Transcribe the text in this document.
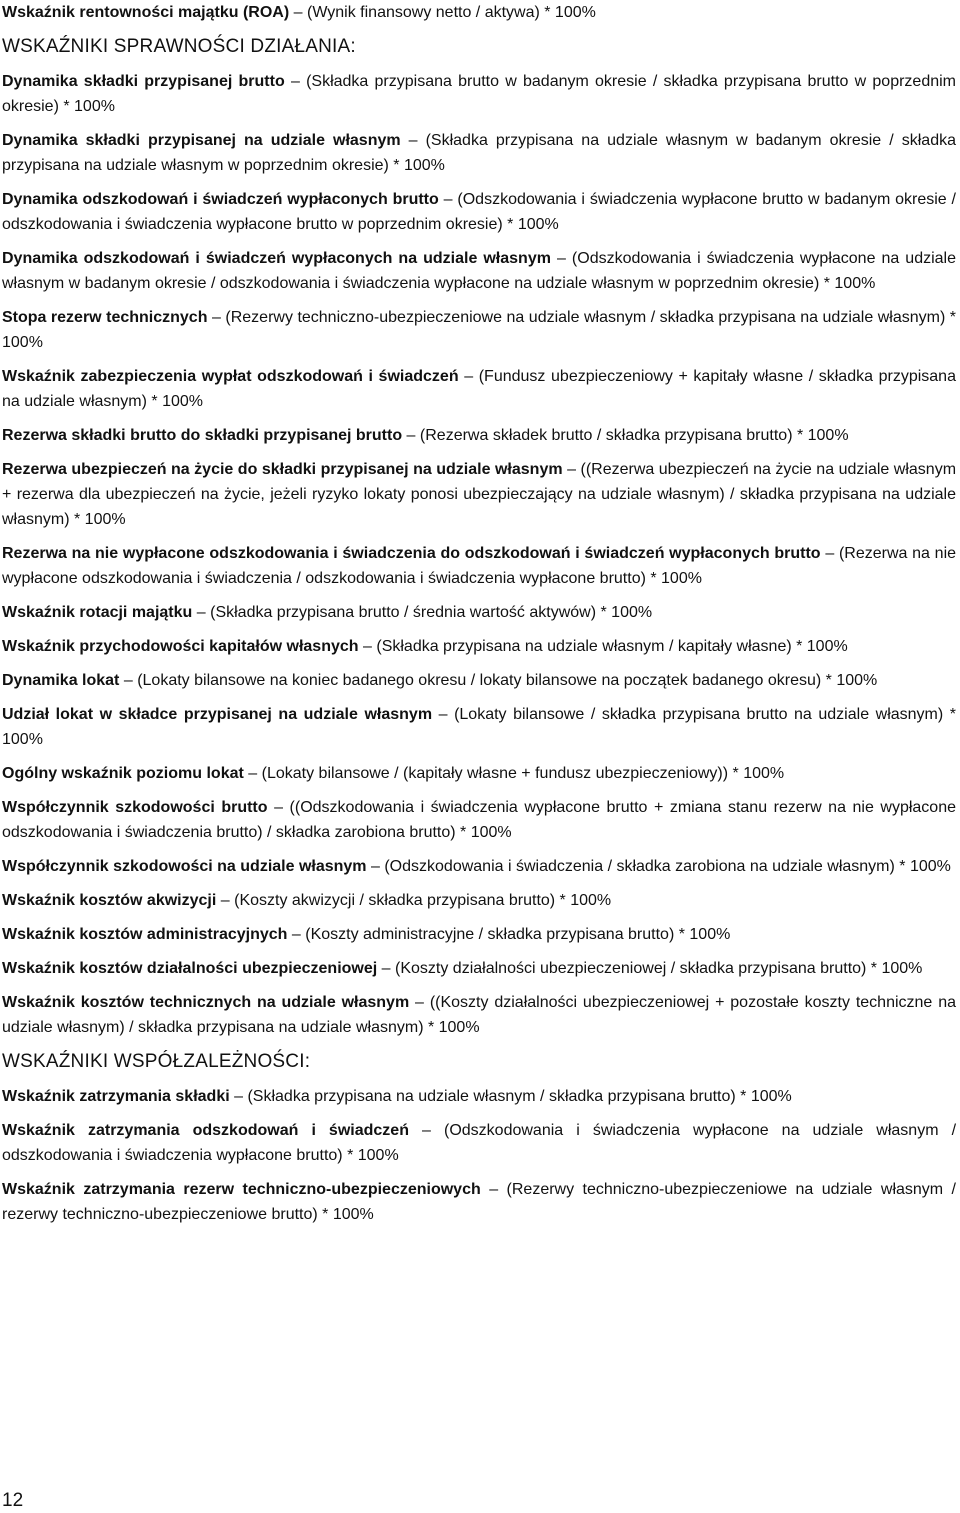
Wskaźnik rentowności majątku (ROA) – (Wynik finansowy netto / aktywa) * 100%

WSKAŹNIKI SPRAWNOŚCI DZIAŁANIA:

Dynamika składki przypisanej brutto – (Składka przypisana brutto w badanym okresie / składka przypisana brutto w poprzednim okresie) * 100%

Dynamika składki przypisanej na udziale własnym – (Składka przypisana na udziale własnym w badanym okresie / składka przypisana na udziale własnym w poprzednim okresie) * 100%

Dynamika odszkodowań i świadczeń wypłaconych brutto – (Odszkodowania i świadczenia wypłacone brutto w badanym okresie / odszkodowania i świadczenia wypłacone brutto w poprzednim okresie) * 100%

Dynamika odszkodowań i świadczeń wypłaconych na udziale własnym – (Odszkodowania i świadczenia wypłacone na udziale własnym w badanym okresie / odszkodowania i świadczenia wypłacone na udziale własnym w poprzednim okresie) * 100%

Stopa rezerw technicznych – (Rezerwy techniczno-ubezpieczeniowe na udziale własnym / składka przypisana na udziale własnym) * 100%

Wskaźnik zabezpieczenia wypłat odszkodowań i świadczeń – (Fundusz ubezpieczeniowy + kapitały własne / składka przypisana na udziale własnym) * 100%

Rezerwa składki brutto do składki przypisanej brutto – (Rezerwa składek brutto / składka przypisana brutto) * 100%

Rezerwa ubezpieczeń na życie do składki przypisanej na udziale własnym – ((Rezerwa ubezpieczeń na życie na udziale własnym + rezerwa dla ubezpieczeń na życie, jeżeli ryzyko lokaty ponosi ubezpieczający na udziale własnym) / składka przypisana na udziale własnym) * 100%

Rezerwa na nie wypłacone odszkodowania i świadczenia do odszkodowań i świadczeń wypłaconych brutto – (Rezerwa na nie wypłacone odszkodowania i świadczenia / odszkodowania i świadczenia wypłacone brutto) * 100%

Wskaźnik rotacji majątku – (Składka przypisana brutto / średnia wartość aktywów) * 100%

Wskaźnik przychodowości kapitałów własnych – (Składka przypisana na udziale własnym / kapitały własne) * 100%

Dynamika lokat – (Lokaty bilansowe na koniec badanego okresu / lokaty bilansowe na początek badanego okresu) * 100%

Udział lokat w składce przypisanej na udziale własnym – (Lokaty bilansowe / składka przypisana brutto na udziale własnym) * 100%

Ogólny wskaźnik poziomu lokat – (Lokaty bilansowe / (kapitały własne + fundusz ubezpieczeniowy)) * 100%

Współczynnik szkodowości brutto – ((Odszkodowania i świadczenia wypłacone brutto + zmiana stanu rezerw na nie wypłacone odszkodowania i świadczenia brutto) / składka zarobiona brutto) * 100%

Współczynnik szkodowości na udziale własnym – (Odszkodowania i świadczenia / składka zarobiona na udziale własnym) * 100%

Wskaźnik kosztów akwizycji – (Koszty akwizycji / składka przypisana brutto) * 100%

Wskaźnik kosztów administracyjnych – (Koszty administracyjne / składka przypisana brutto) * 100%

Wskaźnik kosztów działalności ubezpieczeniowej – (Koszty działalności ubezpieczeniowej / składka przypisana brutto) * 100%

Wskaźnik kosztów technicznych na udziale własnym – ((Koszty działalności ubezpieczeniowej + pozostałe koszty techniczne na udziale własnym) / składka przypisana na udziale własnym) * 100%

WSKAŹNIKI WSPÓŁZALEŻNOŚCI:

Wskaźnik zatrzymania składki – (Składka przypisana na udziale własnym / składka przypisana brutto) * 100%

Wskaźnik zatrzymania odszkodowań i świadczeń – (Odszkodowania i świadczenia wypłacone na udziale własnym / odszkodowania i świadczenia wypłacone brutto) * 100%

Wskaźnik zatrzymania rezerw techniczno-ubezpieczeniowych – (Rezerwy techniczno-ubezpieczeniowe na udziale własnym / rezerwy techniczno-ubezpieczeniowe brutto) * 100%

12
